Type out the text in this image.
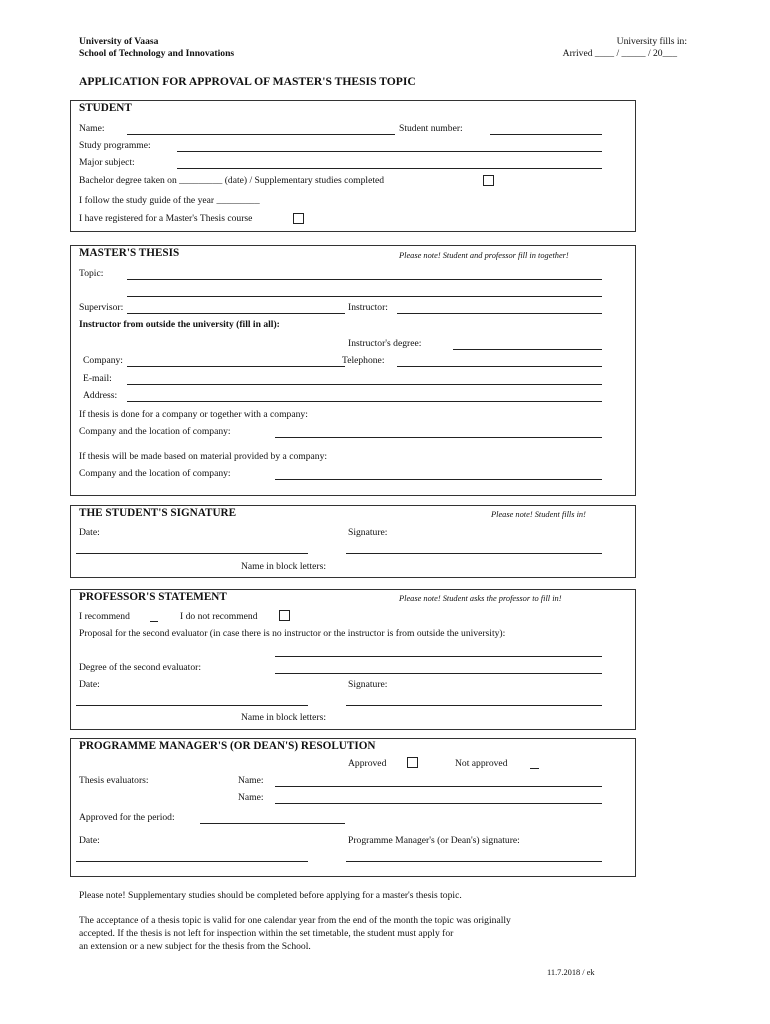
University of Vaasa
School of Technology and Innovations
University fills in:
Arrived ____ / _____ / 20___
APPLICATION FOR APPROVAL OF MASTER'S THESIS TOPIC
STUDENT
Name:	Student number:
Study programme:
Major subject:
Bachelor degree taken on _________ (date) / Supplementary studies completed
I follow the study guide of the year _________
I have registered for a Master's Thesis course
MASTER'S THESIS	Please note! Student and professor fill in together!
Topic:
Supervisor:	Instructor:
Instructor from outside the university (fill in all):
Instructor's degree:
Company:	Telephone:
E-mail:
Address:
If thesis is done for a company or together with a company:
Company and the location of company:
If thesis will be made based on material provided by a company:
Company and the location of company:
THE STUDENT'S SIGNATURE	Please note! Student fills in!
Date:	Signature:
Name in block letters:
PROFESSOR'S STATEMENT	Please note! Student asks the professor to fill in!
I recommend	I do not recommend
Proposal for the second evaluator (in case there is no instructor or the instructor is from outside the university):
Degree of the second evaluator:
Date:	Signature:
Name in block letters:
PROGRAMME MANAGER'S (OR DEAN'S) RESOLUTION
Approved	Not approved
Thesis evaluators:	Name:
Name:
Approved for the period:
Date:	Programme Manager's (or Dean's) signature:
Please note! Supplementary studies should be completed before applying for a master's thesis topic.
The acceptance of a thesis topic is valid for one calendar year from the end of the month the topic was originally
accepted. If the thesis is not left for inspection within the set timetable, the student must apply for
an extension or a new subject for the thesis from the School.
11.7.2018 / ek
